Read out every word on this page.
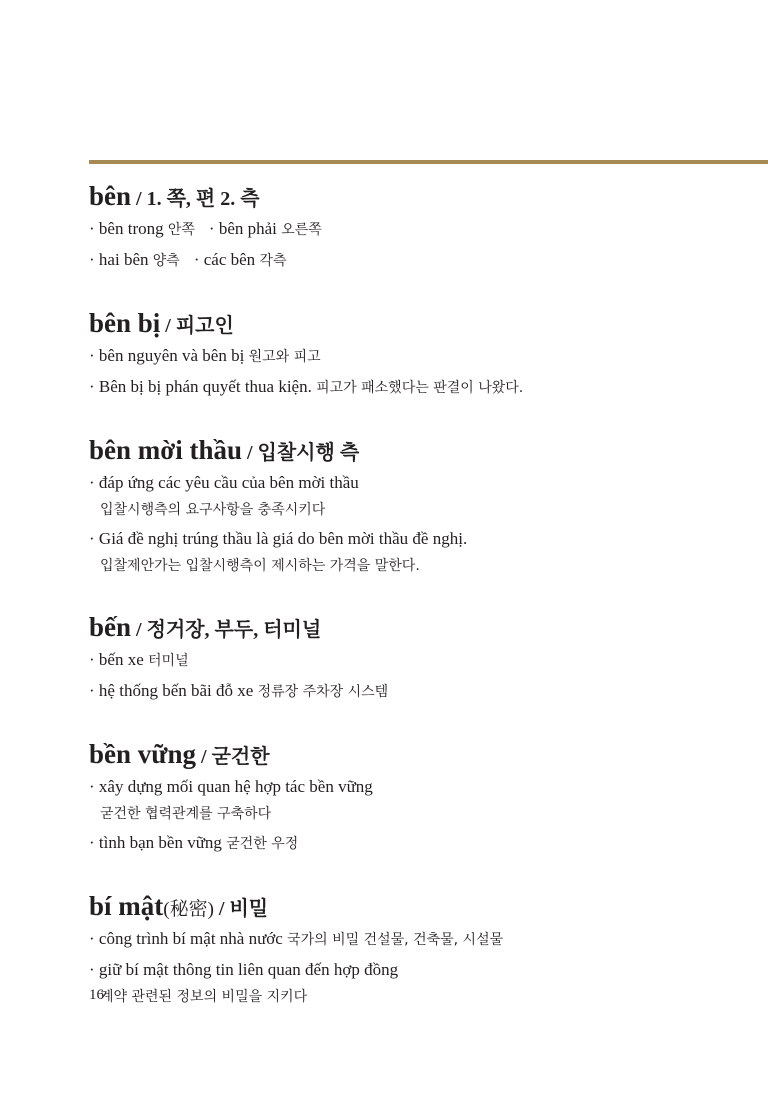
bên / 1. 쪽, 편 2. 측
· bên trong 안쪽 · bên phải 오른쪽
· hai bên 양측 · các bên 각측
bên bị / 피고인
· bên nguyên và bên bị 원고와 피고
· Bên bị bị phán quyết thua kiện. 피고가 패소했다는 판결이 나왔다.
bên mời thầu / 입찰시행 측
· đáp ứng các yêu cầu của bên mời thầu
입찰시행측의 요구사항을 충족시키다
· Giá đề nghị trúng thầu là giá do bên mời thầu đề nghị.
입찰제안가는 입찰시행측이 제시하는 가격을 말한다.
bến / 정거장, 부두, 터미널
· bến xe 터미널
· hệ thống bến bãi đỗ xe 정류장 주차장 시스템
bền vững / 굳건한
· xây dựng mối quan hệ hợp tác bền vững
굳건한 협력관계를 구축하다
· tình bạn bền vững 굳건한 우정
bí mật(秘密) / 비밀
· công trình bí mật nhà nước 국가의 비밀 건설물, 건축물, 시설물
· giữ bí mật thông tin liên quan đến hợp đồng
계약 관련된 정보의 비밀을 지키다
16
